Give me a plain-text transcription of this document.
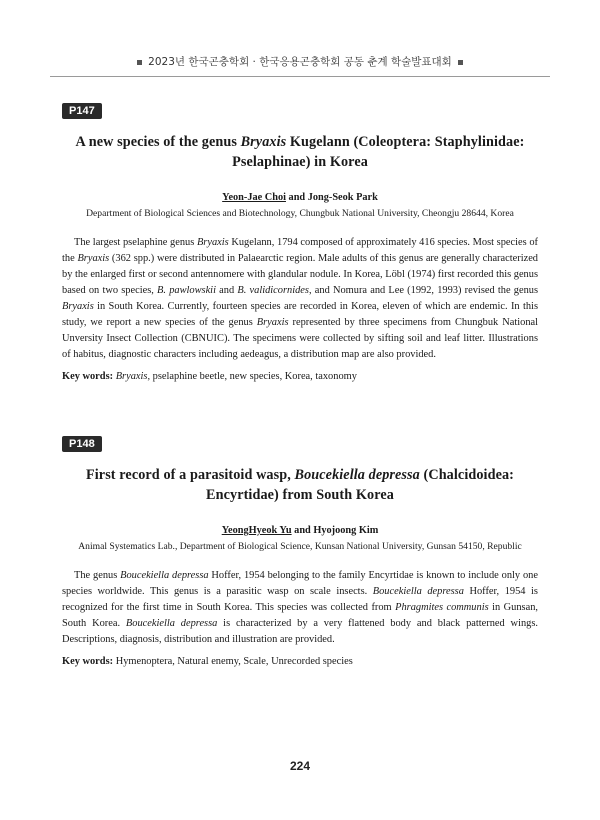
2023년 한국곤충학회 · 한국응용곤충학회 공동 춘계 학술발표대회
P147
A new species of the genus Bryaxis Kugelann (Coleoptera: Staphylinidae: Pselaphinae) in Korea
Yeon-Jae Choi and Jong-Seok Park
Department of Biological Sciences and Biotechnology, Chungbuk National University, Cheongju 28644, Korea
The largest pselaphine genus Bryaxis Kugelann, 1794 composed of approximately 416 species. Most species of the Bryaxis (362 spp.) were distributed in Palaearctic region. Male adults of this genus are generally characterized by the enlarged first or second antennomere with glandular nodule. In Korea, Löbl (1974) first recorded this genus based on two species, B. pawlowskii and B. validicornides, and Nomura and Lee (1992, 1993) revised the genus Bryaxis in South Korea. Currently, fourteen species are recorded in Korea, eleven of which are endemic. In this study, we report a new species of the genus Bryaxis represented by three specimens from Chungbuk National Unversity Insect Collection (CBNUIC). The specimens were collected by sifting soil and leaf litter. Illustrations of habitus, diagnostic characters including aedeagus, a distribution map are also provided.
Key words: Bryaxis, pselaphine beetle, new species, Korea, taxonomy
P148
First record of a parasitoid wasp, Boucekiella depressa (Chalcidoidea: Encyrtidae) from South Korea
YeongHyeok Yu and Hyojoong Kim
Animal Systematics Lab., Department of Biological Science, Kunsan National University, Gunsan 54150, Republic
The genus Boucekiella depressa Hoffer, 1954 belonging to the family Encyrtidae is known to include only one species worldwide. This genus is a parasitic wasp on scale insects. Boucekiella depressa Hoffer, 1954 is recognized for the first time in South Korea. This species was collected from Phragmites communis in Gunsan, South Korea. Boucekiella depressa is characterized by a very flattened body and black patterned wings. Descriptions, diagnosis, distribution and illustration are provided.
Key words: Hymenoptera, Natural enemy, Scale, Unrecorded species
224
